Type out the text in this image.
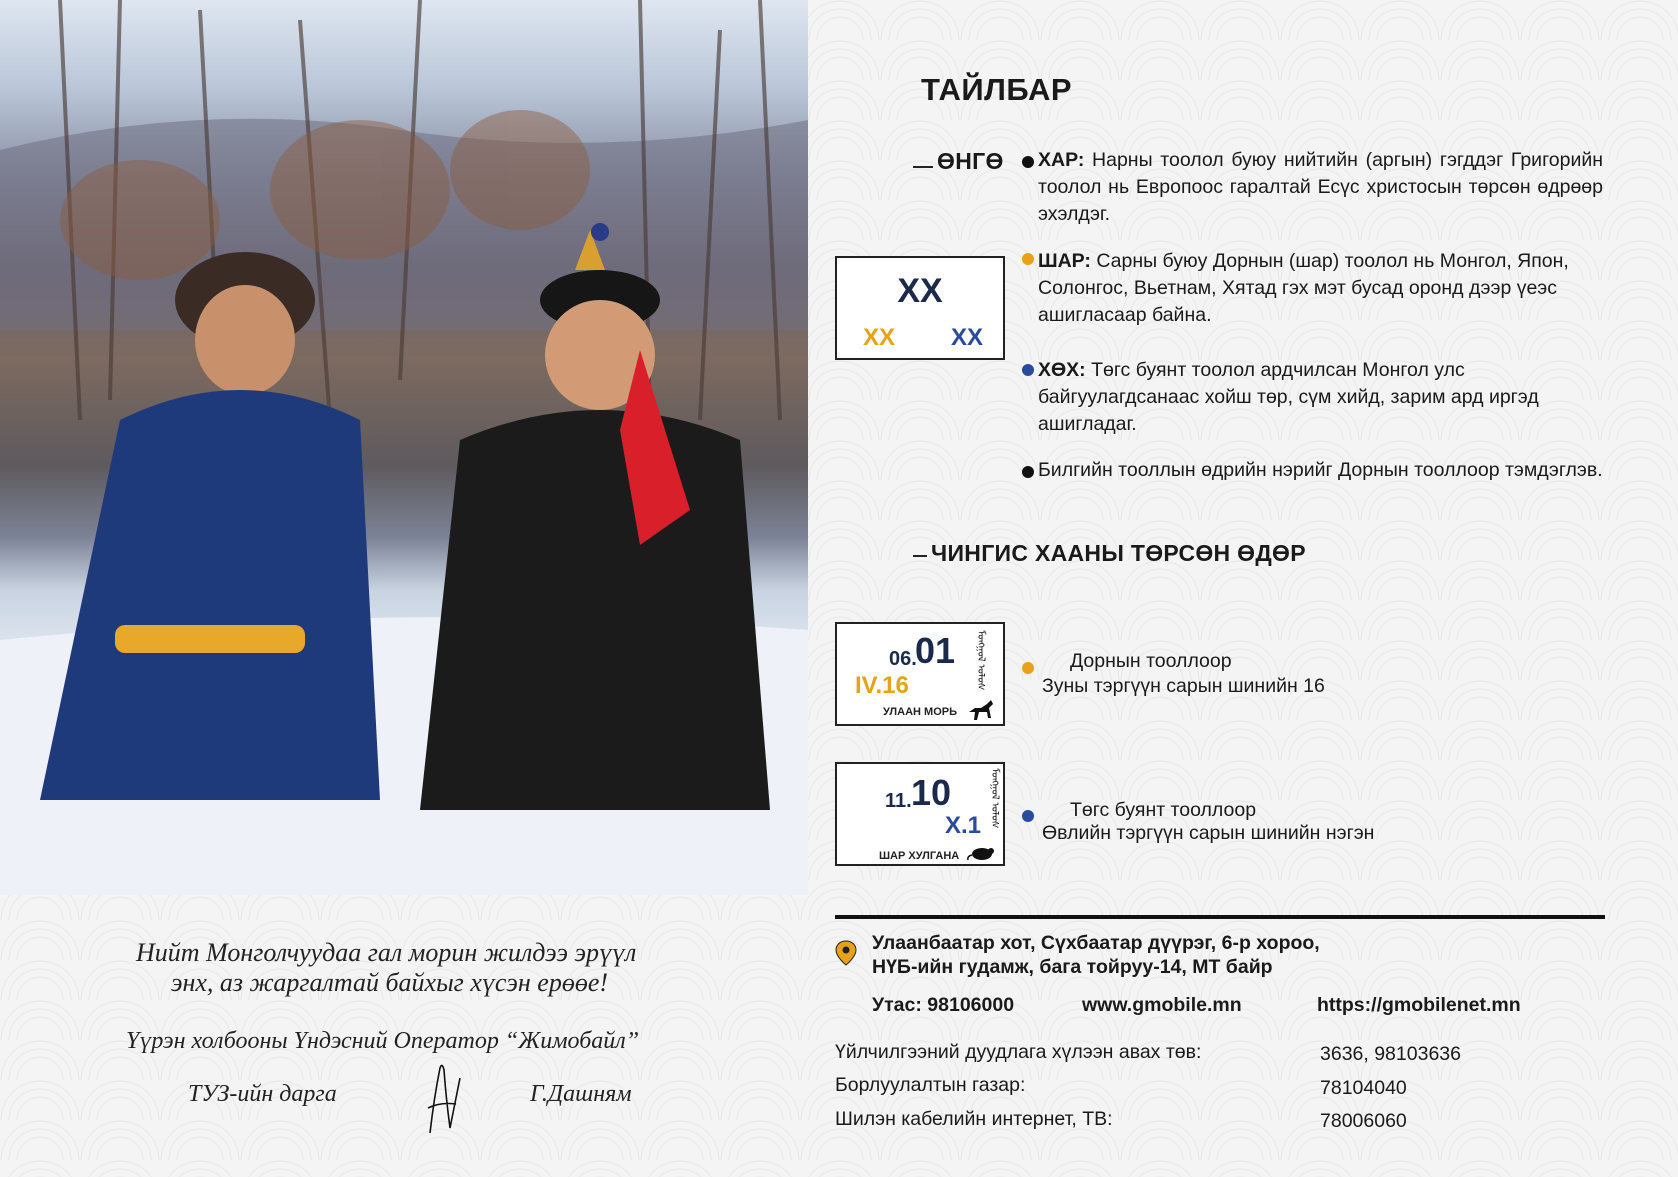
ТАЙЛБАР
ӨНГӨ ХАР: Нарны тоолол буюу нийтийн (аргын) гэгддэг Григорийн тоолол нь Европоос гаралтай Есүс христосын төрсөн өдрөөр эхэлдэг.
XX
XX XX
ШАР: Сарны буюу Дорнын (шар) тоолол нь Монгол, Япон, Солонгос, Вьетнам, Хятад гэх мэт бусад оронд дээр үеэс ашигласаар байна.
ХӨХ: Төгс буянт тоолол ардчилсан Монгол улс байгуулагдсанаас хойш төр, сүм хийд, зарим ард иргэд ашигладаг.
Билгийн тооллын өдрийн нэрийг Дорнын тооллоор тэмдэглэв.
ЧИНГИС ХААНЫ ТӨРСӨН ӨДӨР
06.
01
IV.16
УЛААН МОРЬ
ᠮᠣᠩᠭᠣᠯ ᠤᠯᠤᠰ	Дорнын тооллоор
Зуны тэргүүн сарын шинийн 16
11. 10
X.1
ШАР ХУЛГАНА
ᠮᠣᠩᠭᠣᠯ ᠤᠯᠤᠰ	Төгс буянт тооллоор
Өвлийн тэргүүн сарын шинийн нэгэн
Нийт Монголчуудаа гал морин жилдээ эрүүл
энх, аз жаргалтай байхыг хүсэн ерөөе!
Үүрэн холбооны Үндэсний Оператор “Жимобайл”
ТУЗ-ийн дарга	Г.Дашням
Улаанбаатар хот, Сүхбаатар дүүрэг, 6-р хороо,
НҮБ-ийн гудамж, бага тойруу-14, МТ байр
Утас: 98106000	www.gmobile.mn	https://gmobilenet.mn
Үйлчилгээний дуудлага хүлээн авах төв:	3636, 98103636
Борлуулалтын газар:	78104040
Шилэн кабелийн интернет, ТВ:	78006060
